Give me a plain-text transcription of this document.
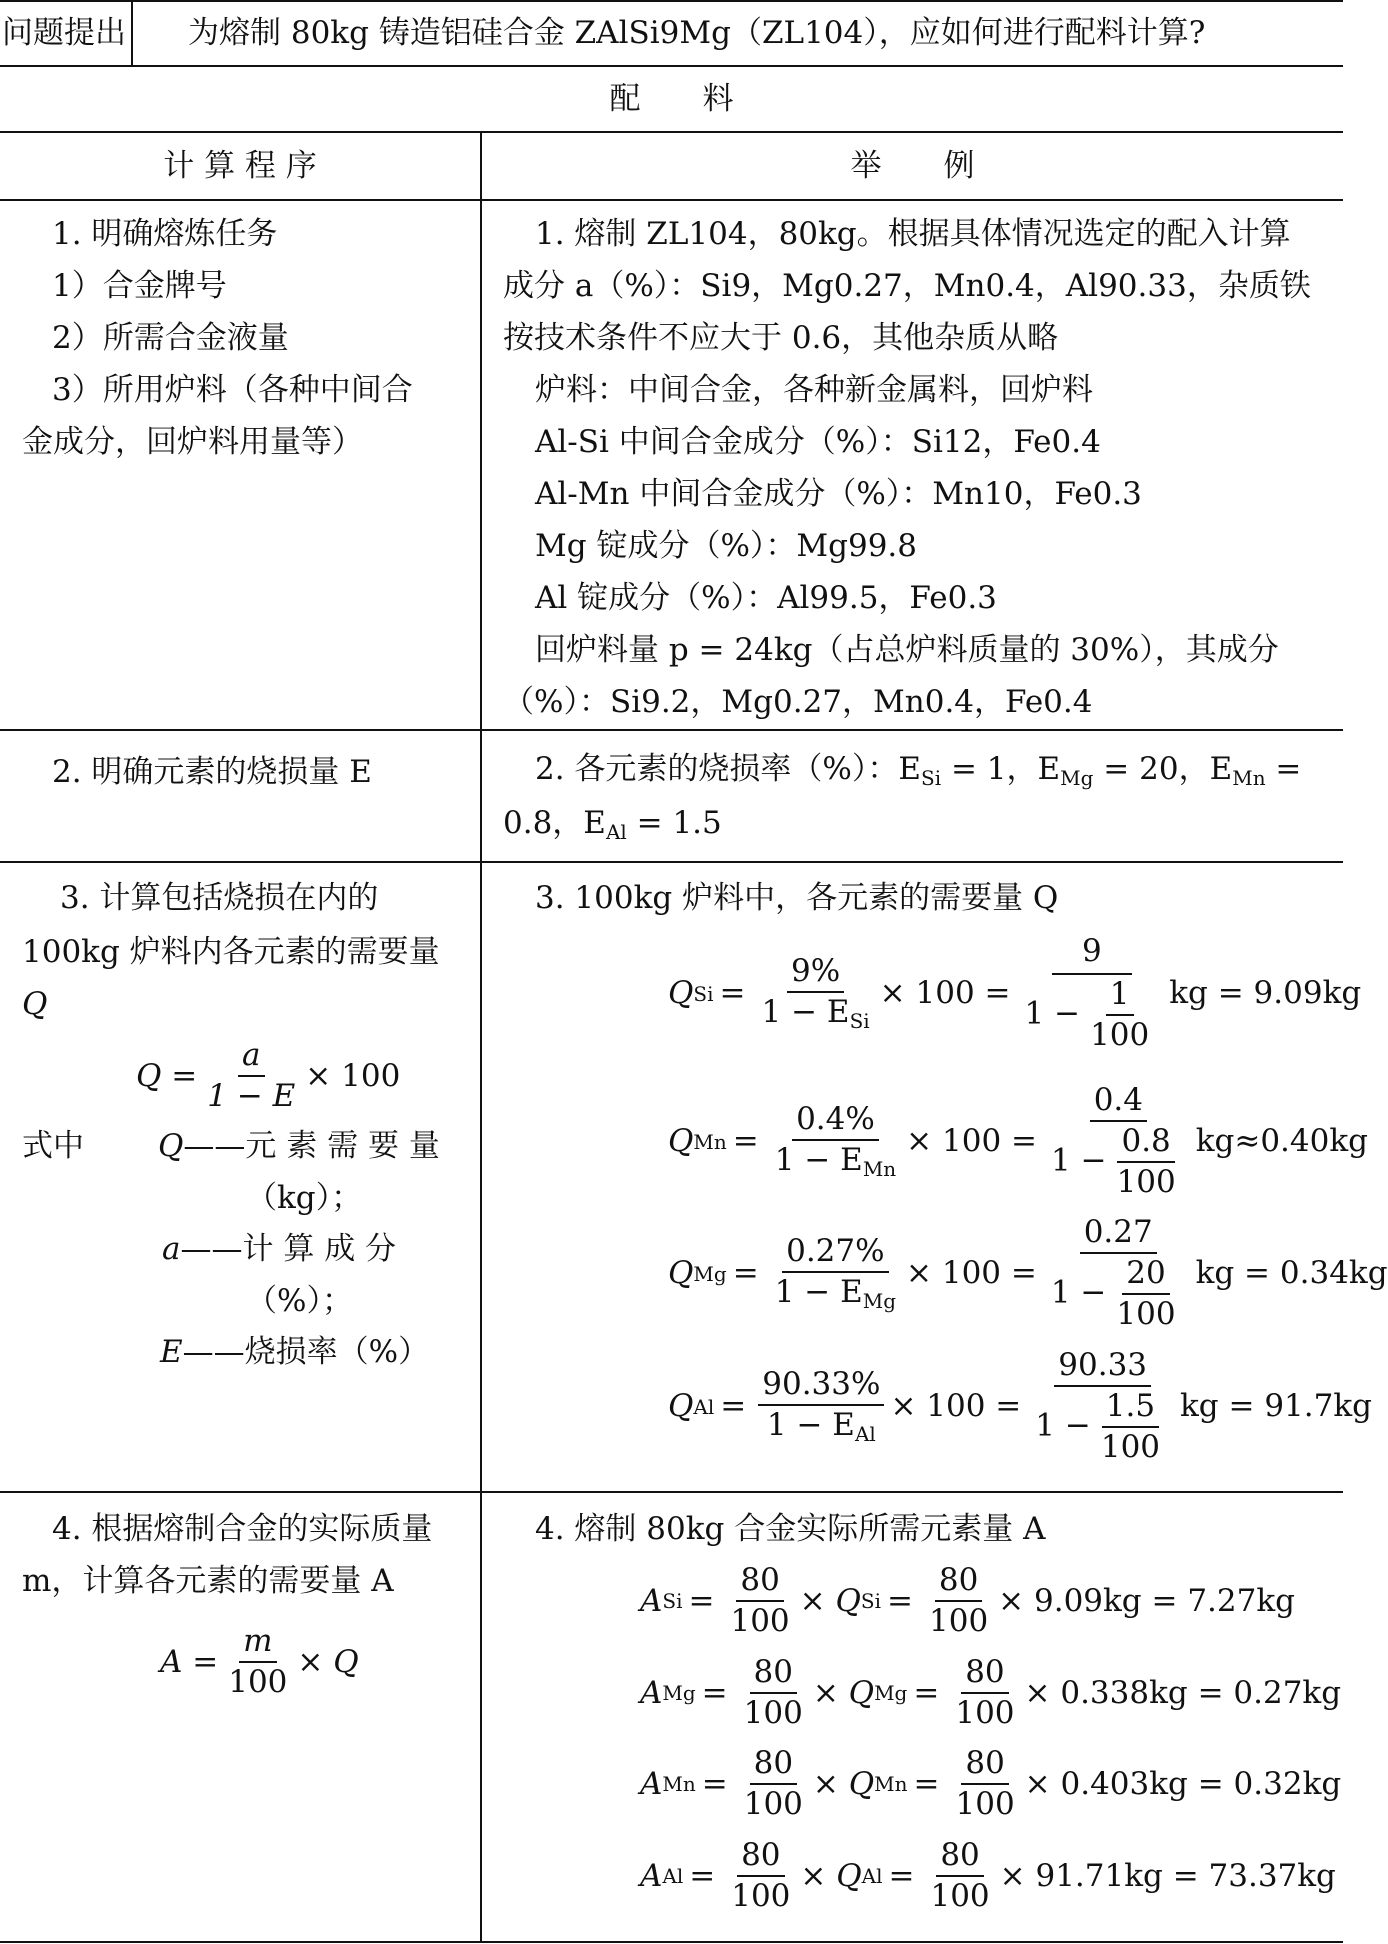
问题提出 为熔制 80kg 铸造铝硅合金 ZAlSi9Mg（ZL104），应如何进行配料计算?
配　　料
计 算 程 序	举　　例
1. 明确熔炼任务
1）合金牌号
2）所需合金液量
3）所用炉料（各种中间合
金成分，回炉料用量等）
1. 熔制 ZL104，80kg。根据具体情况选定的配入计算
成分 a（%）：Si9，Mg0.27，Mn0.4，Al90.33，杂质铁
按技术条件不应大于 0.6，其他杂质从略
炉料：中间合金，各种新金属料，回炉料
Al-Si 中间合金成分（%）：Si12，Fe0.4
Al-Mn 中间合金成分（%）：Mn10，Fe0.3
Mg 锭成分（%）：Mg99.8
Al 锭成分（%）：Al99.5，Fe0.3
回炉料量 p = 24kg（占总炉料质量的 30%），其成分
（%）：Si9.2，Mg0.27，Mn0.4，Fe0.4
2. 明确元素的烧损量 E	2. 各元素的烧损率（%）：$E_{Si} = 1$，$E_{Mg} = 20$，$E_{Mn}$ =
0.8，$E_{Al} = 1.5$
3. 计算包括烧损在内的
100kg 炉料内各元素的需要量
Q
$Q = \frac{a}{1 - E} \times 100$
式中 Q——元 素 需 要 量
（kg）；
a——计 算 成 分
（%）；
E——烧损率（%）
3. 100kg 炉料中，各元素的需要量 Q
Q $Si = \frac{9\%}{1 - E_{Si}} \times 100 = \frac{9}{1 - \frac{1}{100}}$ kg = 9.09kg
Q $Mn = \frac{0.4\%}{1 - E_{Mn}} \times 100 = \frac{0.4}{1 - \frac{0.8}{100}} kg\approx 0.40kg$
Q $Mg = \frac{0.27\%}{1 - E_{Mg}} \times 100 = \frac{0.27}{1 - \frac{20}{100}}$ kg = 0.34kg
Q $Al = \frac{90.33\%}{1 - E_{Al}} \times 100 = \frac{90.33}{1 - \frac{1.5}{100}}$ kg = 91.7kg
4. 根据熔制合金的实际质量
m，计算各元素的需要量 A
$A = \frac{m}{100} \times Q$
4. 熔制 80kg 合金实际所需元素量 A
A $Si = \frac{80}{100} \times Q$ $Si = \frac{80}{100} \times 9.09kg = 7.27kg$
A $Mg = \frac{80}{100} \times Q$ $Mg = \frac{80}{100} \times 0.338kg = 0.27kg$
A $Mn = \frac{80}{100} \times Q$ $Mn = \frac{80}{100} \times 0.403kg = 0.32kg$
A $Al = \frac{80}{100} \times Q$ $Al = \frac{80}{100} \times 91.71kg = 73.37kg$
